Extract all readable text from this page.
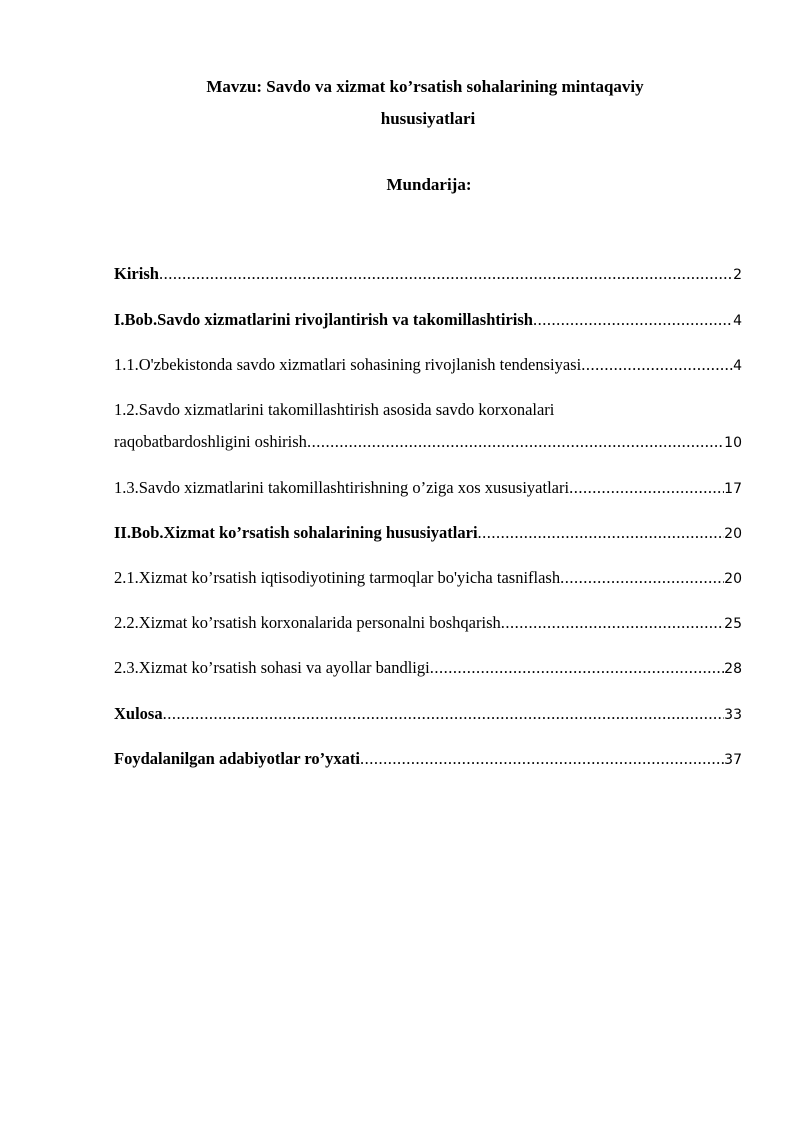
Mavzu: Savdo va xizmat ko’rsatish sohalarining mintaqaviy
hususiyatlari
Mundarija:
Kirish .....	2
I.Bob.Savdo xizmatlarini rivojlantirish va takomillashtirish .....	4
1.1.O'zbekistonda savdo xizmatlari sohasining rivojlanish tendensiyasi .....	4
1.2.Savdo xizmatlarini takomillashtirish asosida savdo korxonalari
raqobatbardoshligini oshirish .....	10
1.3.Savdo xizmatlarini takomillashtirishning o’ziga xos xususiyatlari .....	17
II.Bob.Xizmat ko’rsatish sohalarining hususiyatlari .....	20
2.1.Xizmat ko’rsatish iqtisodiyotining tarmoqlar bo'yicha tasniflash .....	20
2.2.Xizmat ko’rsatish korxonalarida personalni boshqarish .....	25
2.3.Xizmat ko’rsatish sohasi va ayollar bandligi .....	28
Xulosa .....	33
Foydalanilgan adabiyotlar ro’yxati .....	37
